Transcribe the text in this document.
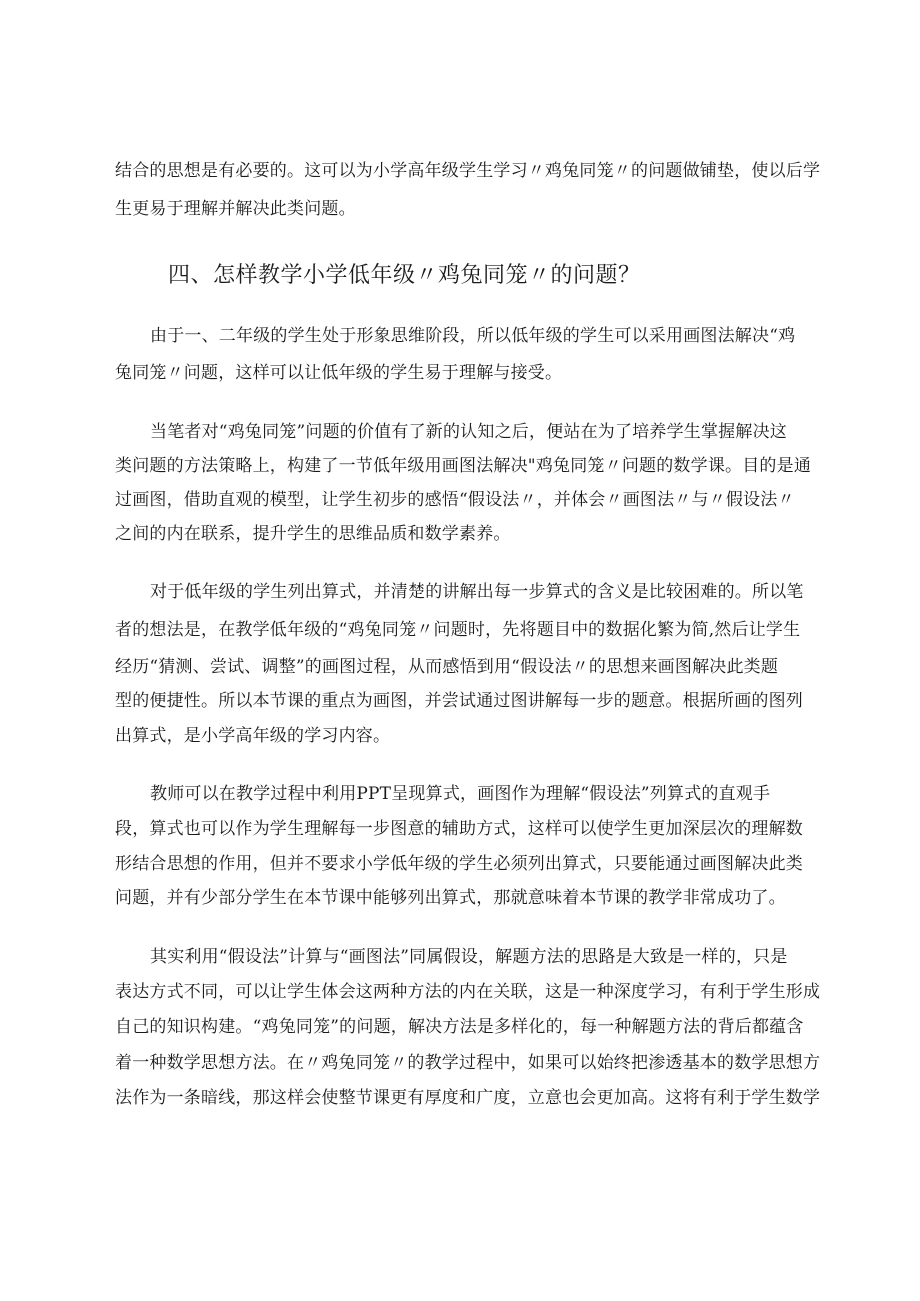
结合的思想是有必要的。这可以为小学高年级学生学习〃鸡兔同笼〃的问题做铺垫，使以后学
生更易于理解并解决此类问题。
四、怎样教学小学低年级〃鸡兔同笼〃的问题？
由于一、二年级的学生处于形象思维阶段，所以低年级的学生可以采用画图法解决“鸡
兔同笼〃问题，这样可以让低年级的学生易于理解与接受。
当笔者对“鸡兔同笼”问题的价值有了新的认知之后，便站在为了培养学生掌握解决这
类问题的方法策略上，构建了一节低年级用画图法解决"鸡兔同笼〃问题的数学课。目的是通
过画图，借助直观的模型，让学生初步的感悟“假设法〃，并体会〃画图法〃与〃假设法〃
之间的内在联系，提升学生的思维品质和数学素养。
对于低年级的学生列出算式，并清楚的讲解出每一步算式的含义是比较困难的。所以笔
者的想法是，在教学低年级的“鸡兔同笼〃问题时，先将题目中的数据化繁为简,然后让学生
经历“猜测、尝试、调整”的画图过程，从而感悟到用“假设法〃的思想来画图解决此类题
型的便捷性。所以本节课的重点为画图，并尝试通过图讲解每一步的题意。根据所画的图列
出算式，是小学高年级的学习内容。
教师可以在教学过程中利用PPT呈现算式，画图作为理解“假设法”列算式的直观手
段，算式也可以作为学生理解每一步图意的辅助方式，这样可以使学生更加深层次的理解数
形结合思想的作用，但并不要求小学低年级的学生必须列出算式，只要能通过画图解决此类
问题，并有少部分学生在本节课中能够列出算式，那就意味着本节课的教学非常成功了。
其实利用“假设法”计算与“画图法”同属假设，解题方法的思路是大致是一样的，只是
表达方式不同，可以让学生体会这两种方法的内在关联，这是一种深度学习，有利于学生形成
自己的知识构建。“鸡兔同笼”的问题，解决方法是多样化的，每一种解题方法的背后都蕴含
着一种数学思想方法。在〃鸡兔同笼〃的教学过程中，如果可以始终把渗透基本的数学思想方
法作为一条暗线，那这样会使整节课更有厚度和广度，立意也会更加高。这将有利于学生数学
